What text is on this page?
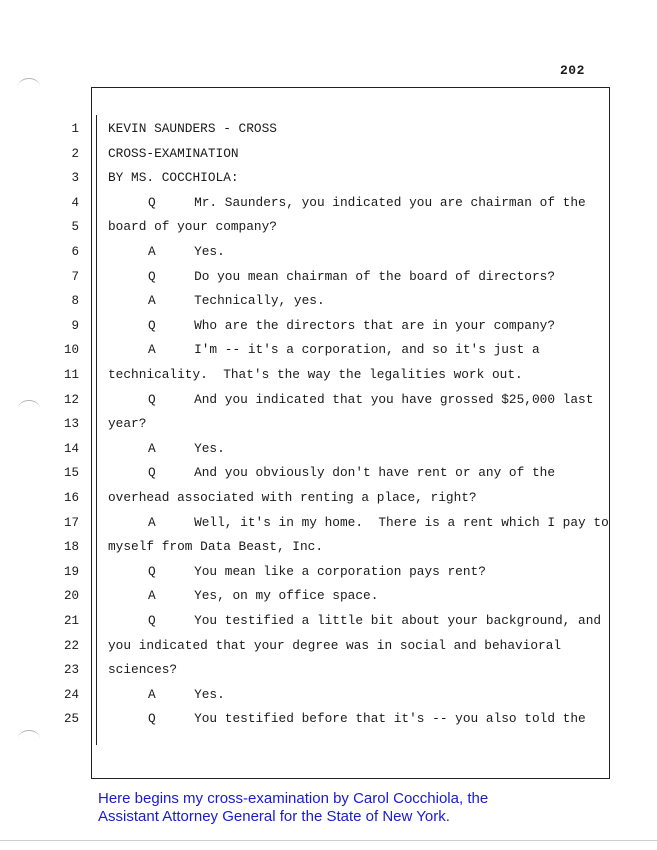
202
1 KEVIN SAUNDERS - CROSS
2 CROSS-EXAMINATION
3 BY MS. COCCHIOLA:
4	Q     Mr. Saunders, you indicated you are chairman of the
5 board of your company?
6	A     Yes.
7	Q     Do you mean chairman of the board of directors?
8	A     Technically, yes.
9	Q     Who are the directors that are in your company?
10	A     I'm -- it's a corporation, and so it's just a
11 technicality.  That's the way the legalities work out.
12	Q     And you indicated that you have grossed $25,000 last
13 year?
14	A     Yes.
15	Q     And you obviously don't have rent or any of the
16 overhead associated with renting a place, right?
17	A     Well, it's in my home.  There is a rent which I pay to
18 myself from Data Beast, Inc.
19	Q     You mean like a corporation pays rent?
20	A     Yes, on my office space.
21	Q     You testified a little bit about your background, and
22 you indicated that your degree was in social and behavioral
23 sciences?
24	A     Yes.
25	Q     You testified before that it's -- you also told the
Here begins my cross-examination by Carol Cocchiola, the
Assistant Attorney General for the State of New York.
